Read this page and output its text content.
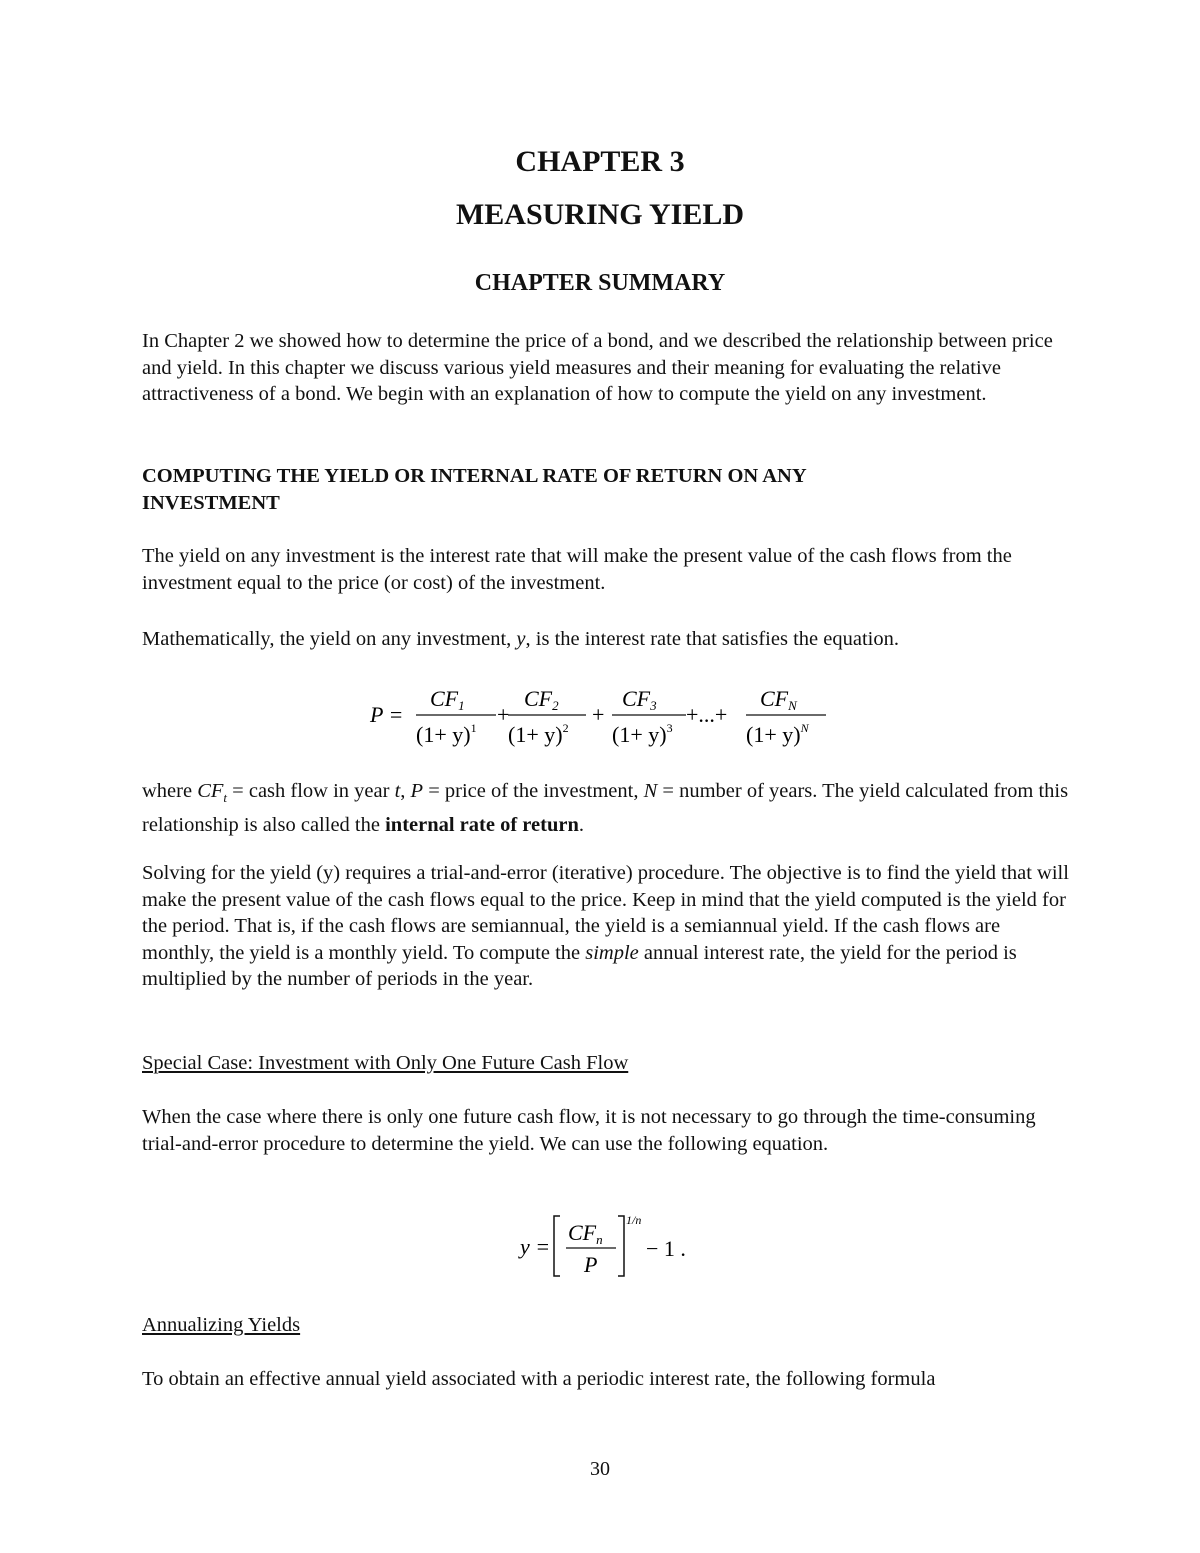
CHAPTER 3
MEASURING YIELD
CHAPTER SUMMARY

In Chapter 2 we showed how to determine the price of a bond, and we described the relationship between price and yield. In this chapter we discuss various yield measures and their meaning for evaluating the relative attractiveness of a bond. We begin with an explanation of how to compute the yield on any investment.

COMPUTING THE YIELD OR INTERNAL RATE OF RETURN ON ANY
INVESTMENT

The yield on any investment is the interest rate that will make the present value of the cash flows from the investment equal to the price (or cost) of the investment.

Mathematically, the yield on any investment, y, is the interest rate that satisfies the equation.

P =
CF1
$(1+ y)^1$
+
CF2
$(1+ y)^2$
+
CF3
$(1+ y)^3$
+...+
CFN
$(1+ y)^N$

where $CF_t$ = cash flow in year t, P = price of the investment, N = number of years. The yield calculated from this relationship is also called the internal rate of return.

Solving for the yield (y) requires a trial-and-error (iterative) procedure. The objective is to find the yield that will make the present value of the cash flows equal to the price. Keep in mind that the yield computed is the yield for the period. That is, if the cash flows are semiannual, the yield is a semiannual yield. If the cash flows are monthly, the yield is a monthly yield. To compute the simple annual interest rate, the yield for the period is multiplied by the number of periods in the year.

Special Case: Investment with Only One Future Cash Flow

When the case where there is only one future cash flow, it is not necessary to go through the time-consuming trial-and-error procedure to determine the yield. We can use the following equation.

y =
CFn
P
1/n
− 1 .
Annualizing Yields

To obtain an effective annual yield associated with a periodic interest rate, the following formula

30
